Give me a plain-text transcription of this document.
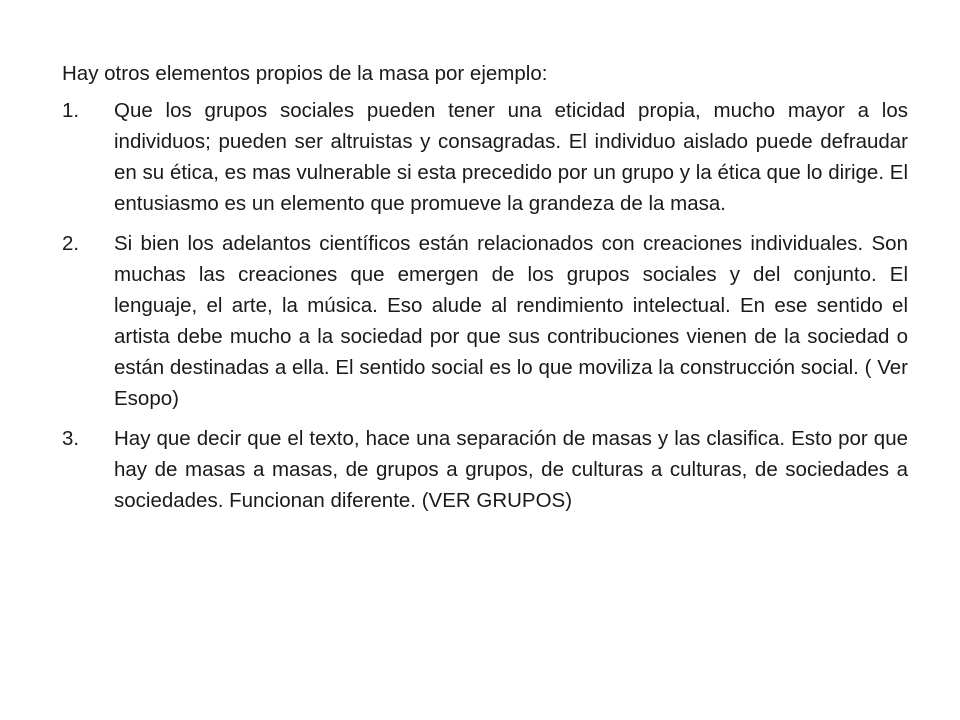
Hay otros elementos propios de la masa por ejemplo:

1.	Que los grupos sociales pueden tener una eticidad propia, mucho mayor a los individuos; pueden ser altruistas y consagradas. El individuo aislado puede defraudar en su ética, es mas vulnerable si esta precedido por un grupo y la ética que lo dirige. El entusiasmo es un elemento que promueve la grandeza de la masa.
2.	Si bien los adelantos científicos están relacionados con creaciones individuales. Son muchas las creaciones que emergen de los grupos sociales y del conjunto. El lenguaje, el arte, la música. Eso alude al rendimiento intelectual. En ese sentido el artista debe mucho a la sociedad por que sus contribuciones vienen de la sociedad o están destinadas a ella. El sentido social es lo que moviliza la construcción social. ( Ver Esopo)
3.	Hay que decir que el texto, hace una separación de masas y las clasifica. Esto por que hay de masas a masas, de grupos a grupos, de culturas a culturas, de sociedades a sociedades. Funcionan diferente. (VER GRUPOS)
